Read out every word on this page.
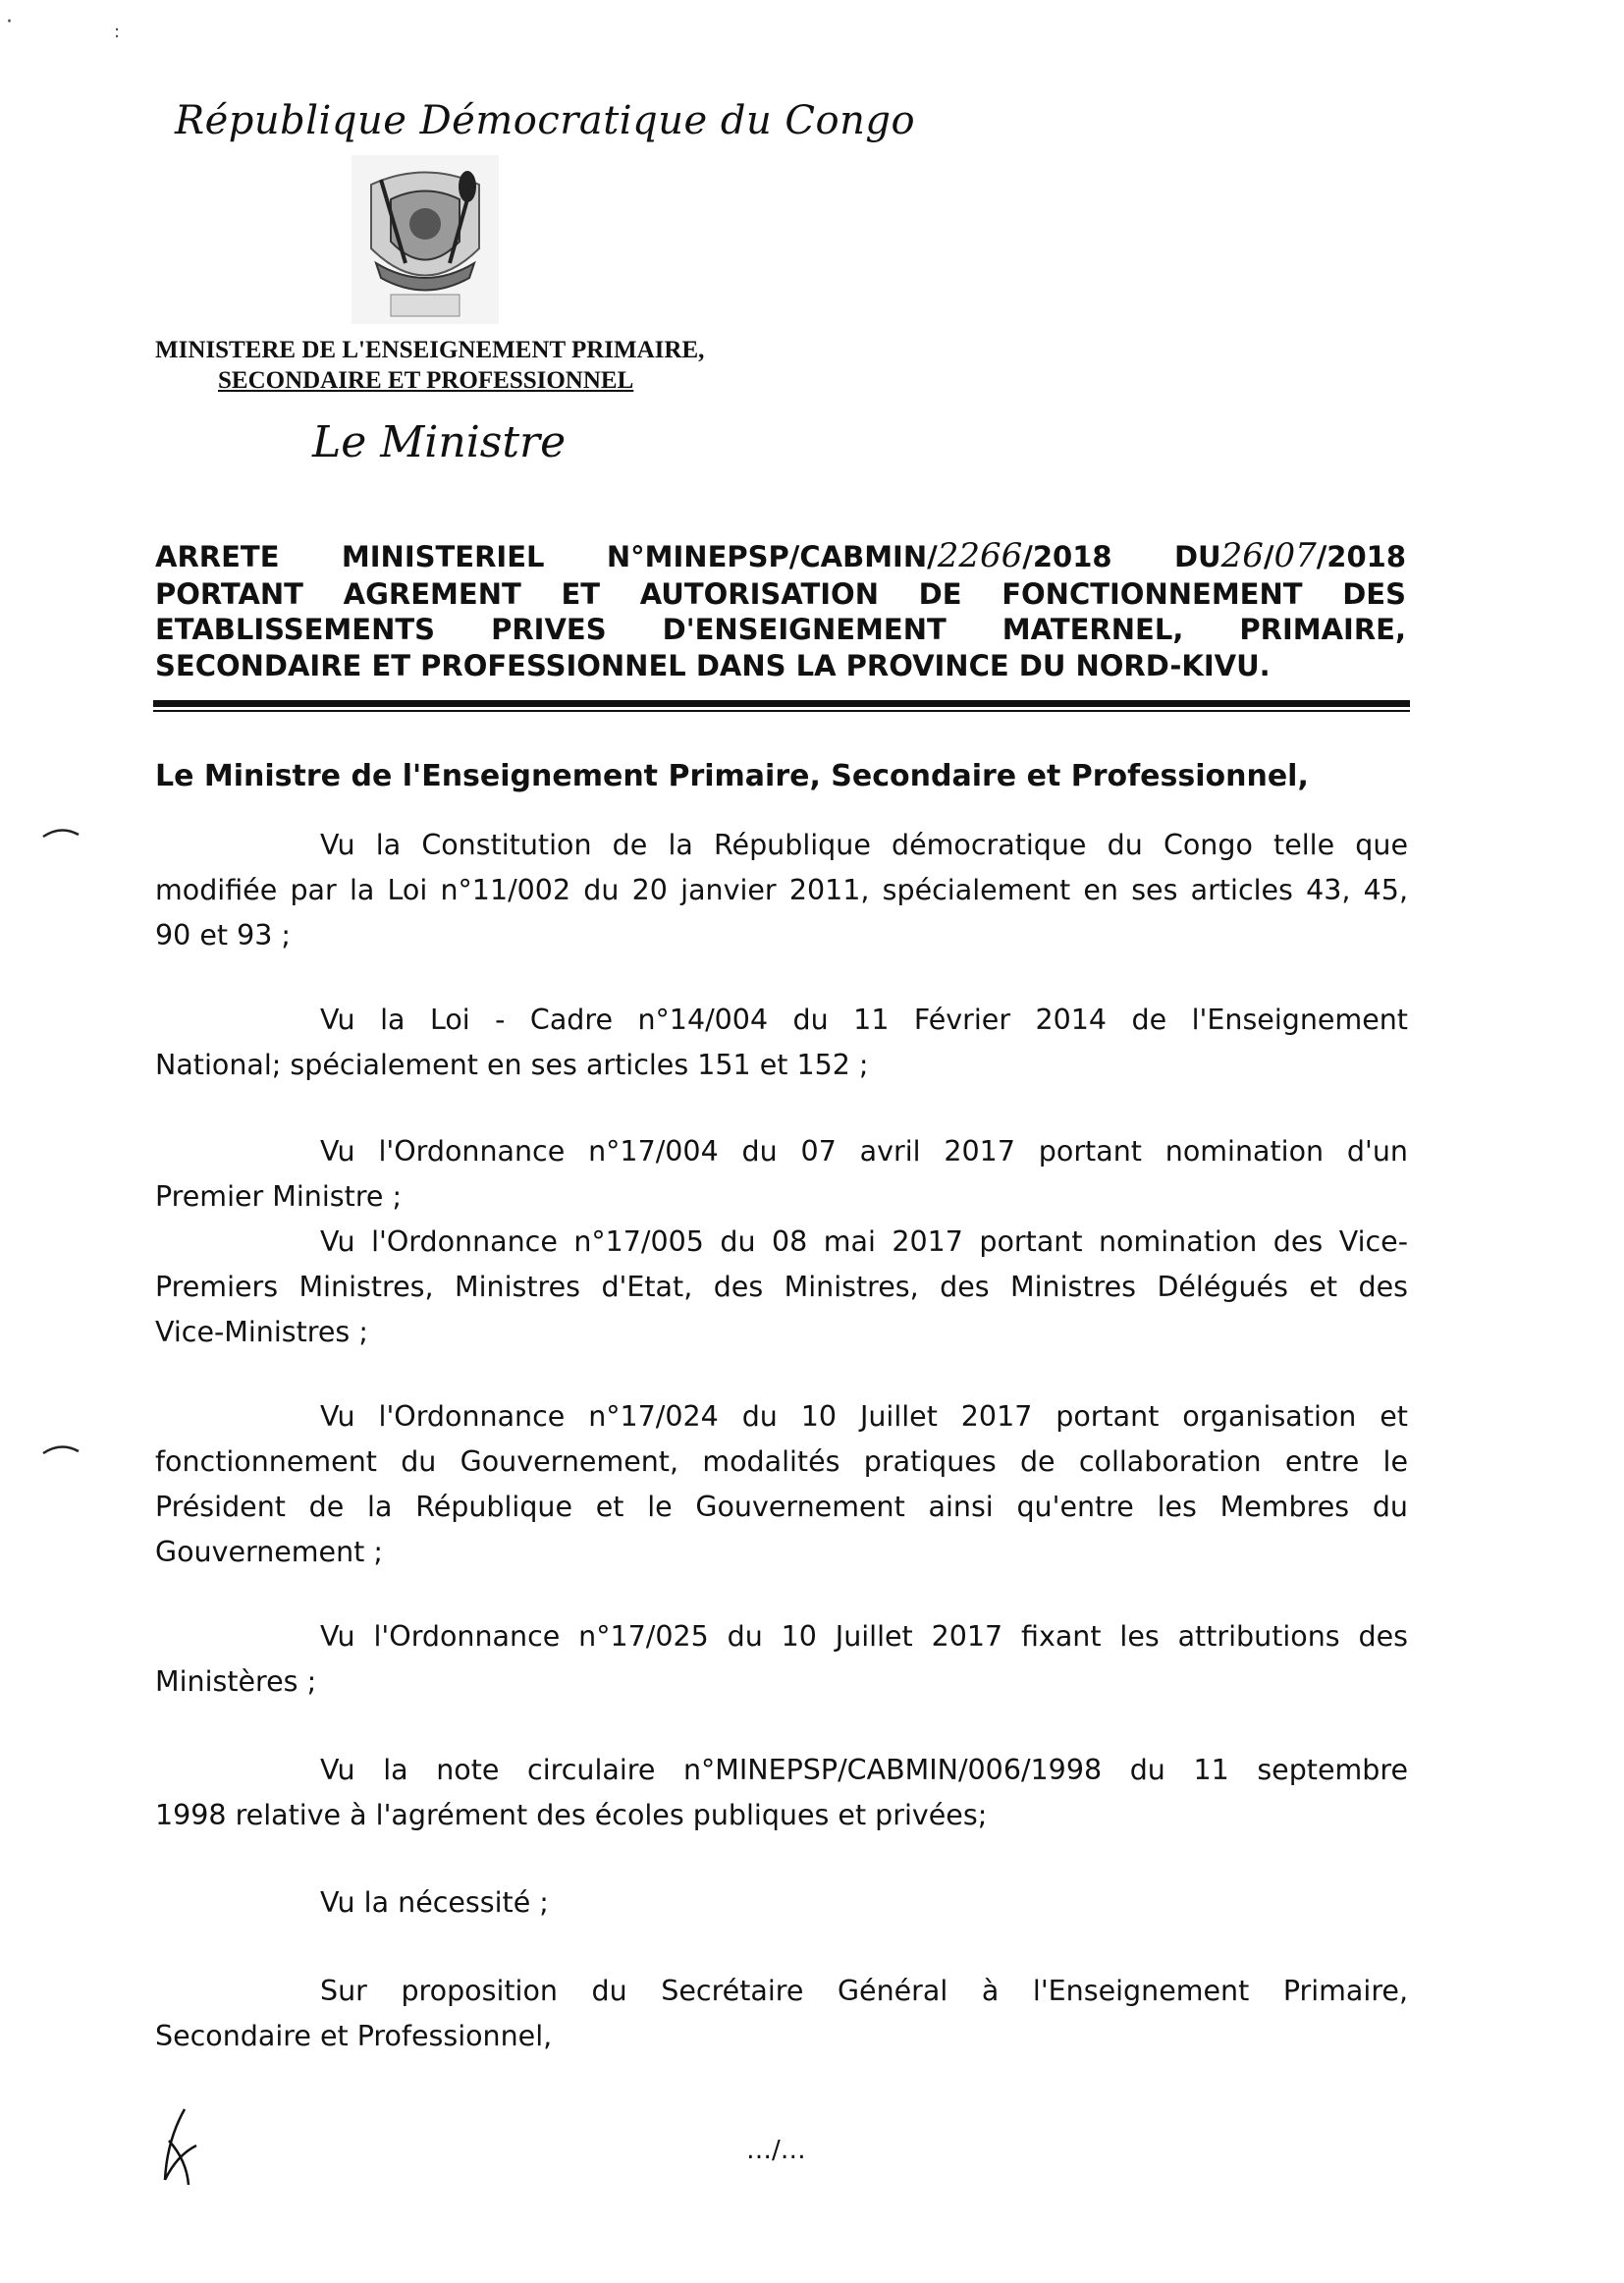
·	:
République Démocratique du Congo
MINISTERE DE L'ENSEIGNEMENT PRIMAIRE,
SECONDAIRE ET PROFESSIONNEL
Le Ministre
ARRETE MINISTERIEL N°MINEPSP/CABMIN/2266/2018 DU26/07/2018
PORTANT AGREMENT ET AUTORISATION DE FONCTIONNEMENT DES
ETABLISSEMENTS PRIVES D'ENSEIGNEMENT MATERNEL, PRIMAIRE,
SECONDAIRE ET PROFESSIONNEL DANS LA PROVINCE DU NORD-KIVU.
Le Ministre de l'Enseignement Primaire, Secondaire et Professionnel,
Vu la Constitution de la République démocratique du Congo telle que
modifiée par la Loi n°11/002 du 20 janvier 2011, spécialement en ses articles 43, 45,
90 et 93 ;
Vu la Loi - Cadre n°14/004 du 11 Février 2014 de l'Enseignement
National; spécialement en ses articles 151 et 152 ;
Vu l'Ordonnance n°17/004 du 07 avril 2017 portant nomination d'un
Premier Ministre ;
Vu l'Ordonnance n°17/005 du 08 mai 2017 portant nomination des Vice-
Premiers Ministres, Ministres d'Etat, des Ministres, des Ministres Délégués et des
Vice-Ministres ;
Vu l'Ordonnance n°17/024 du 10 Juillet 2017 portant organisation et
fonctionnement du Gouvernement, modalités pratiques de collaboration entre le
Président de la République et le Gouvernement ainsi qu'entre les Membres du
Gouvernement ;
Vu l'Ordonnance n°17/025 du 10 Juillet 2017 fixant les attributions des
Ministères ;
Vu la note circulaire n°MINEPSP/CABMIN/006/1998 du 11 septembre
1998 relative à l'agrément des écoles publiques et privées;
Vu la nécessité ;
Sur proposition du Secrétaire Général à l'Enseignement Primaire,
Secondaire et Professionnel,
…/…
